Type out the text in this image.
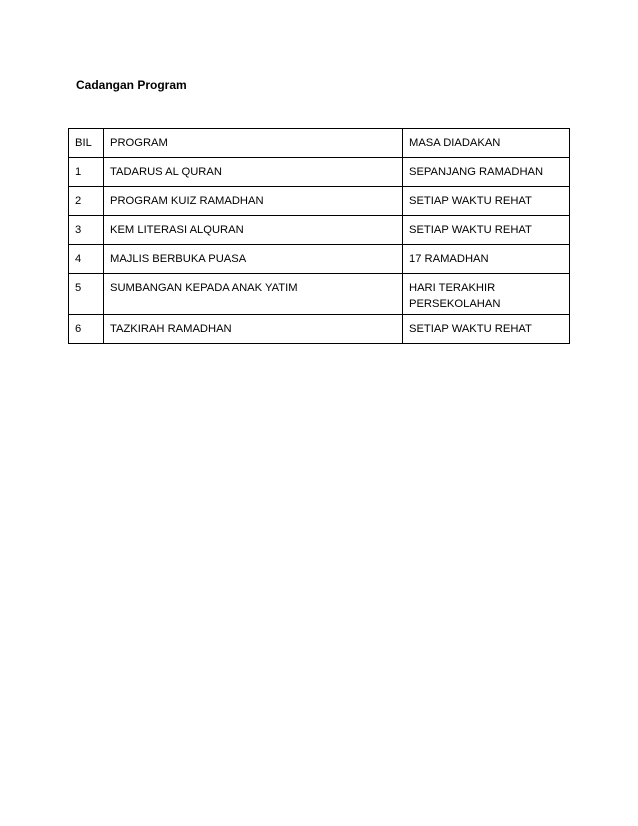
Cadangan Program
BIL	PROGRAM	MASA DIADAKAN
1	TADARUS AL QURAN	SEPANJANG RAMADHAN
2	PROGRAM KUIZ RAMADHAN	SETIAP WAKTU REHAT
3	KEM LITERASI ALQURAN	SETIAP WAKTU REHAT
4	MAJLIS BERBUKA PUASA	17 RAMADHAN
5	SUMBANGAN KEPADA ANAK YATIM	HARI TERAKHIR
PERSEKOLAHAN

6	TAZKIRAH RAMADHAN	SETIAP WAKTU REHAT
